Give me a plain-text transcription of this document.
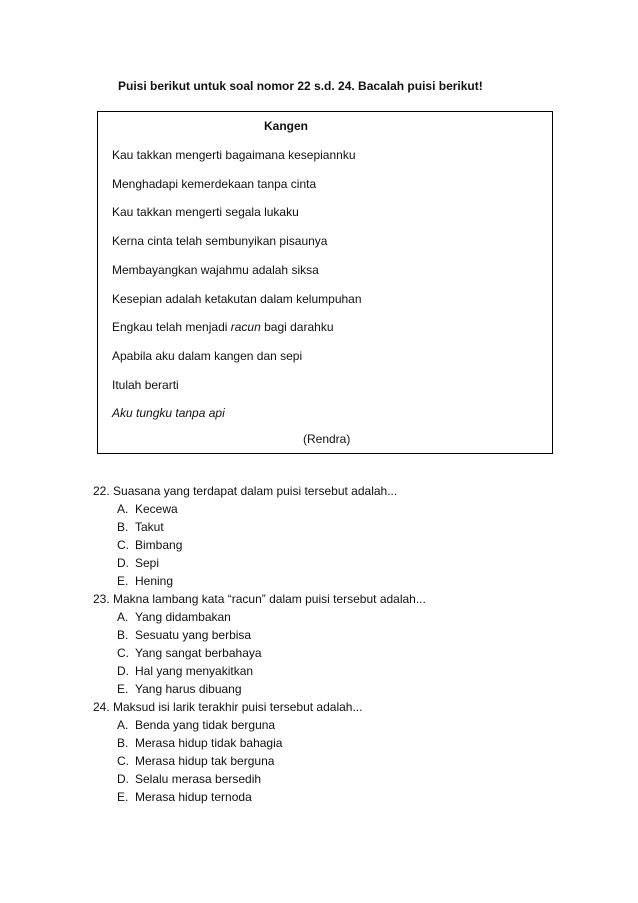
Puisi berikut untuk soal nomor 22 s.d. 24. Bacalah puisi berikut!
Kangen
Kau takkan mengerti bagaimana kesepiannku
Menghadapi kemerdekaan tanpa cinta
Kau takkan mengerti segala lukaku
Kerna cinta telah sembunyikan pisaunya
Membayangkan wajahmu adalah siksa
Kesepian adalah ketakutan dalam kelumpuhan
Engkau telah menjadi racun bagi darahku
Apabila aku dalam kangen dan sepi
Itulah berarti
Aku tungku tanpa api
(Rendra)
22. Suasana yang terdapat dalam puisi tersebut adalah...
A. Kecewa
B. Takut
C. Bimbang
D. Sepi
E. Hening
23. Makna lambang kata “racun” dalam puisi tersebut adalah...
A. Yang didambakan
B. Sesuatu yang berbisa
C. Yang sangat berbahaya
D. Hal yang menyakitkan
E. Yang harus dibuang
24. Maksud isi larik terakhir puisi tersebut adalah...
A. Benda yang tidak berguna
B. Merasa hidup tidak bahagia
C. Merasa hidup tak berguna
D. Selalu merasa bersedih
E. Merasa hidup ternoda
